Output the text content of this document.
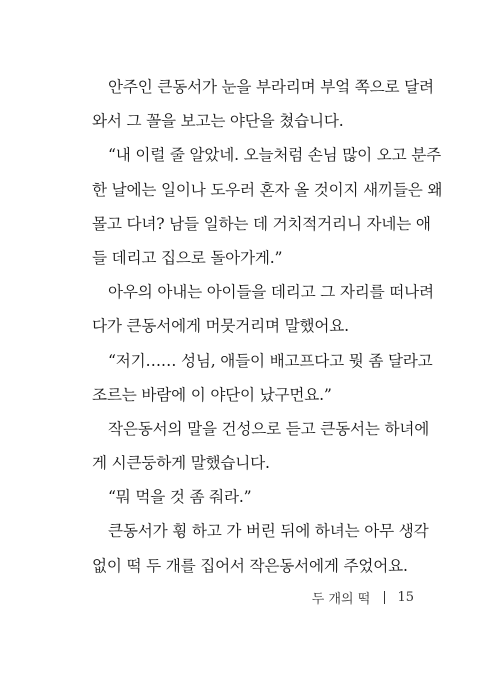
안주인 큰동서가 눈을 부라리며 부엌 쪽으로 달려
와서 그 꼴을 보고는 야단을 쳤습니다.
“내 이럴 줄 알았네. 오늘처럼 손님 많이 오고 분주
한 날에는 일이나 도우러 혼자 올 것이지 새끼들은 왜
몰고 다녀? 남들 일하는 데 거치적거리니 자네는 애
들 데리고 집으로 돌아가게.”
아우의 아내는 아이들을 데리고 그 자리를 떠나려
다가 큰동서에게 머뭇거리며 말했어요.
“저기…… 성님, 애들이 배고프다고 뭣 좀 달라고
조르는 바람에 이 야단이 났구먼요.”
작은동서의 말을 건성으로 듣고 큰동서는 하녀에
게 시큰둥하게 말했습니다.
“뭐 먹을 것 좀 줘라.”
큰동서가 휭 하고 가 버린 뒤에 하녀는 아무 생각
없이 떡 두 개를 집어서 작은동서에게 주었어요.
두 개의 떡 15
